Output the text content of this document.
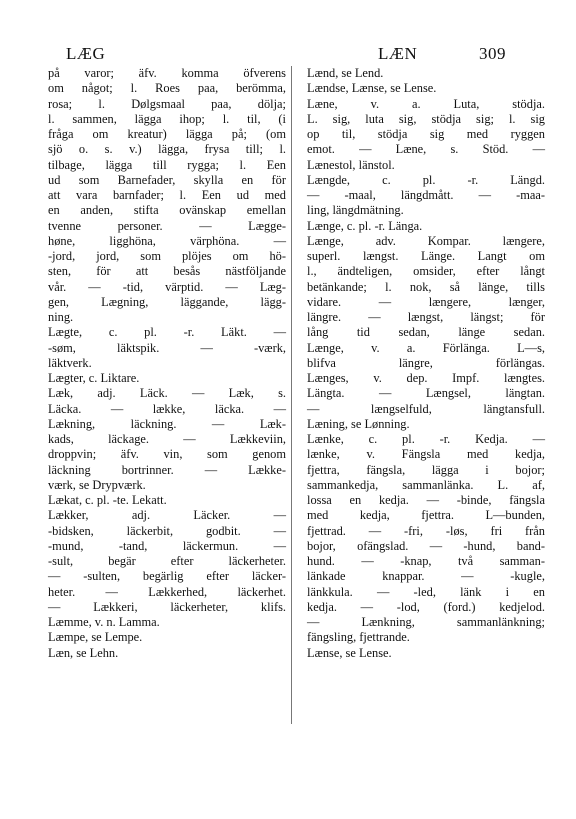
LÆG	LÆN	309

på varor; äfv. komma öfverens

om något; l. Roes paa, berömma,

rosa; l. Dølgsmaal paa, dölja;

l. sammen, lägga ihop; l. til, (i

fråga om kreatur) lägga på; (om

sjö o. s. v.) lägga, frysa till; l.

tilbage, lägga till rygga; l. Een

ud som Barnefader, skylla en för

att vara barnfader; l. Een ud med

en anden, stifta ovänskap emellan

tvenne personer. — Lægge-

høne, ligghöna, värphöna. —

-jord, jord, som plöjes om hö-

sten, för att besås nästföljande

vår. — -tid, värptid. — Læg-

gen, Lægning, läggande, lägg-

ning.

Lægte, c. pl. -r. Läkt. —

-søm, läktspik. — -værk,

läktverk.

Lægter, c. Liktare.

Læk, adj. Läck. — Læk, s.

Läcka. — lække, läcka. —

Lækning, läckning. — Læk-

kads, läckage. — Lækkeviin,

droppvin; äfv. vin, som genom

läckning bortrinner. — Lække-

værk, se Drypværk.

Lækat, c. pl. -te. Lekatt.

Lækker, adj. Läcker. —

-bidsken, läckerbit, godbit. —

-mund, -tand, läckermun. —

-sult, begär efter läckerheter.

— -sulten, begärlig efter läcker-

heter. — Lækkerhed, läckerhet.

— Lækkeri, läckerheter, klifs.

Læmme, v. n. Lamma.

Læmpe, se Lempe.

Læn, se Lehn.

Lænd, se Lend.

Lændse, Lænse, se Lense.

Læne, v. a. Luta, stödja.

L. sig, luta sig, stödja sig; l. sig

op til, stödja sig med ryggen

emot. — Læne, s. Stöd. —

Lænestol, länstol.

Længde, c. pl. -r. Längd.

— -maal, längdmått. — -maa-

ling, längdmätning.

Længe, c. pl. -r. Länga.

Længe, adv. Kompar. længere,

superl. længst. Länge. Langt om

l., ändteligen, omsider, efter långt

betänkande; l. nok, så länge, tills

vidare. — længere, længer,

längre. — længst, längst; för

lång tid sedan, länge sedan.

Længe, v. a. Förlänga. L—s,

blifva längre, förlängas.

Længes, v. dep. Impf. længtes.

Längta. — Længsel, längtan.

— længselfuld, längtansfull.

Læning, se Lønning.

Lænke, c. pl. -r. Kedja. —

lænke, v. Fängsla med kedja,

fjettra, fängsla, lägga i bojor;

sammankedja, sammanlänka. L. af,

lossa en kedja. — -binde, fängsla

med kedja, fjettra. L—bunden,

fjettrad. — -fri, -løs, fri från

bojor, ofängslad. — -hund, band-

hund. — -knap, två samman-

länkade knappar. — -kugle,

länkkula. — -led, länk i en

kedja. — -lod, (ford.) kedjelod.

— Lænkning, sammanlänkning;

fängsling, fjettrande.

Lænse, se Lense.
